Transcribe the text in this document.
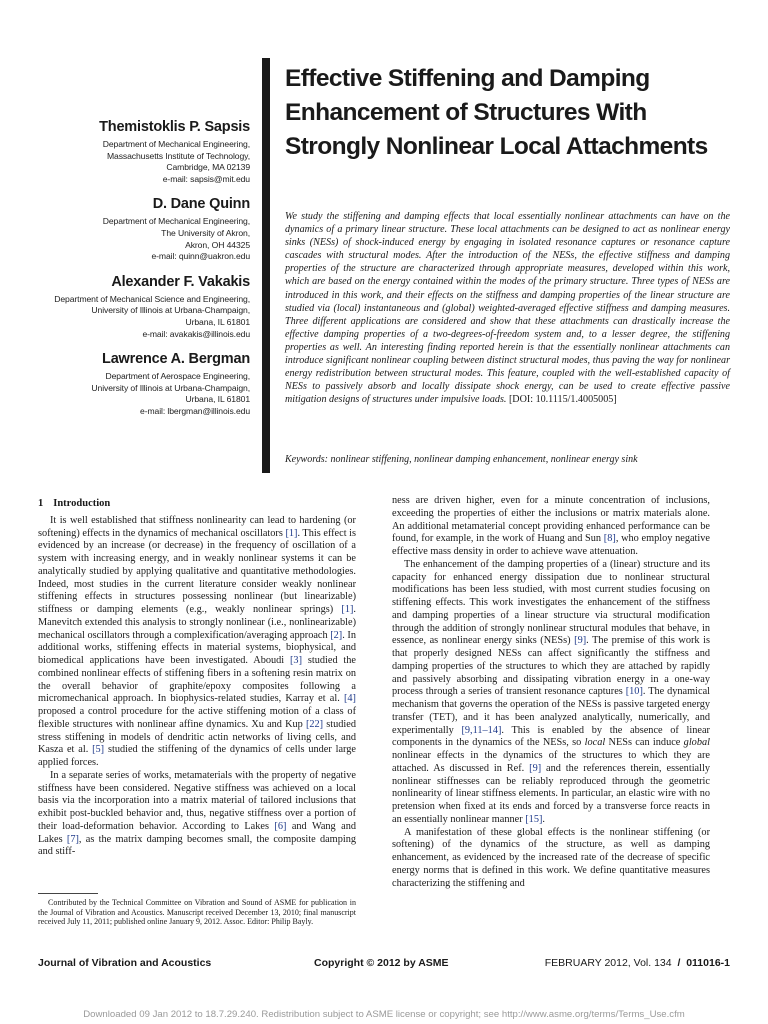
Themistoklis P. Sapsis
Department of Mechanical Engineering,
Massachusetts Institute of Technology,
Cambridge, MA 02139
e-mail: sapsis@mit.edu
D. Dane Quinn
Department of Mechanical Engineering,
The University of Akron,
Akron, OH 44325
e-mail: quinn@uakron.edu
Alexander F. Vakakis
Department of Mechanical Science and Engineering,
University of Illinois at Urbana-Champaign,
Urbana, IL 61801
e-mail: avakakis@illinois.edu
Lawrence A. Bergman
Department of Aerospace Engineering,
University of Illinois at Urbana-Champaign,
Urbana, IL 61801
e-mail: lbergman@illinois.edu
Effective Stiffening and Damping Enhancement of Structures With Strongly Nonlinear Local Attachments
We study the stiffening and damping effects that local essentially nonlinear attachments can have on the dynamics of a primary linear structure. These local attachments can be designed to act as nonlinear energy sinks (NESs) of shock-induced energy by engaging in isolated resonance captures or resonance capture cascades with structural modes. After the introduction of the NESs, the effective stiffness and damping properties of the structure are characterized through appropriate measures, developed within this work, which are based on the energy contained within the modes of the primary structure. Three types of NESs are introduced in this work, and their effects on the stiffness and damping properties of the linear structure are studied via (local) instantaneous and (global) weighted-averaged effective stiffness and damping measures. Three different applications are considered and show that these attachments can drastically increase the effective damping properties of a two-degrees-of-freedom system and, to a lesser degree, the stiffening properties as well. An interesting finding reported herein is that the essentially nonlinear attachments can introduce significant nonlinear coupling between distinct structural modes, thus paving the way for nonlinear energy redistribution between structural modes. This feature, coupled with the well-established capacity of NESs to passively absorb and locally dissipate shock energy, can be used to create effective passive mitigation designs of structures under impulsive loads. [DOI: 10.1115/1.4005005]
Keywords: nonlinear stiffening, nonlinear damping enhancement, nonlinear energy sink
1 Introduction

It is well established that stiffness nonlinearity can lead to hardening (or softening) effects in the dynamics of mechanical oscillators [1]. This effect is evidenced by an increase (or decrease) in the frequency of oscillation of a system with increasing energy, and in weakly nonlinear systems it can be analytically studied by applying qualitative and quantitative methodologies. Indeed, most studies in the current literature consider weakly nonlinear stiffening effects in structures possessing nonlinear (but linearizable) stiffness or damping elements (e.g., weakly nonlinear springs) [1]. Manevitch extended this analysis to strongly nonlinear (i.e., nonlinearizable) mechanical oscillators through a complexification/averaging approach [2]. In additional works, stiffening effects in material systems, biophysical, and biomedical applications have been investigated. Aboudi [3] studied the combined nonlinear effects of stiffening fibers in a softening resin matrix on the overall behavior of graphite/epoxy composites following a micromechanical approach. In biophysics-related studies, Karray et al. [4] proposed a control procedure for the active stiffening motion of a class of flexible structures with nonlinear affine dynamics. Xu and Kup [22] studied stress stiffening in models of dendritic actin networks of living cells, and Kasza et al. [5] studied the stiffening of the dynamics of cells under large applied forces.

In a separate series of works, metamaterials with the property of negative stiffness have been considered. Negative stiffness was achieved on a local basis via the incorporation into a matrix material of tailored inclusions that exhibit post-buckled behavior and, thus, negative stiffness over a portion of their load-deformation behavior. According to Lakes [6] and Wang and Lakes [7], as the matrix damping becomes small, the composite damping and stiff-

ness are driven higher, even for a minute concentration of inclusions, exceeding the properties of either the inclusions or matrix materials alone. An additional metamaterial concept providing enhanced performance can be found, for example, in the work of Huang and Sun [8], who employ negative effective mass density in order to achieve wave attenuation.

The enhancement of the damping properties of a (linear) structure and its capacity for enhanced energy dissipation due to nonlinear structural modifications has been less studied, with most current studies focusing on stiffening effects. This work investigates the enhancement of the stiffness and damping properties of a linear structure via structural modification through the addition of strongly nonlinear structural modules that behave, in essence, as nonlinear energy sinks (NESs) [9]. The premise of this work is that properly designed NESs can affect significantly the stiffness and damping properties of the structures to which they are attached by rapidly and passively absorbing and dissipating vibration energy in a one-way process through a series of transient resonance captures [10]. The dynamical mechanism that governs the operation of the NESs is passive targeted energy transfer (TET), and it has been analyzed analytically, numerically, and experimentally [9,11–14]. This is enabled by the absence of linear components in the dynamics of the NESs, so local NESs can induce global nonlinear effects in the dynamics of the structures to which they are attached. As discussed in Ref. [9] and the references therein, essentially nonlinear stiffnesses can be reliably reproduced through the geometric nonlinearity of linear stiffness elements. In particular, an elastic wire with no pretension when fixed at its ends and forced by a transverse force reacts in an essentially nonlinear manner [15].

A manifestation of these global effects is the nonlinear stiffening (or softening) of the dynamics of the structure, as well as damping enhancement, as evidenced by the increased rate of the decrease of specific energy norms that is defined in this work. We define quantitative measures characterizing the stiffening and

Contributed by the Technical Committee on Vibration and Sound of ASME for publication in the Journal of Vibration and Acoustics. Manuscript received December 13, 2010; final manuscript received July 11, 2011; published online January 9, 2012. Assoc. Editor: Philip Bayly.
Journal of Vibration and Acoustics	Copyright © 2012 by ASME	FEBRUARY 2012, Vol. 134 / 011016-1
Downloaded 09 Jan 2012 to 18.7.29.240. Redistribution subject to ASME license or copyright; see http://www.asme.org/terms/Terms_Use.cfm
